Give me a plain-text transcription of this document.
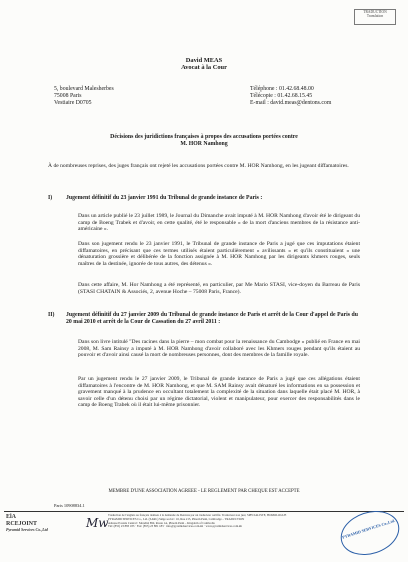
TRADUCTION
Translation
David MEAS
Avocat à la Cour
5, boulevard Malesherbes
75008 Paris
Vestiaire D0705
Téléphone : 01.42.68.48.00
Télécopie : 01.42.68.15.45
E-mail : david.meas@dentons.com
Décisions des juridictions françaises à propos des accusations portées contre
M. HOR Namhong

À de nombreuses reprises, des juges français ont rejeté les accusations portées contre M. HOR Namhong, en les jugeant diffamatoires.

I) Jugement définitif du 23 janvier 1991 du Tribunal de grande instance de Paris :

Dans un article publié le 23 juillet 1989, le Journal du Dimanche avait imputé à M. HOR Namhong d'avoir été le dirigeant du camp de Boeng Trabek et d'avoir, en cette qualité, été le responsable « de la mort d'anciens membres de la résistance anti-américaine ».

Dans son jugement rendu le 23 janvier 1991, le Tribunal de grande instance de Paris a jugé que ces imputations étaient diffamatoires, en précisant que ces termes utilisés étaient particulièrement « avilissants » et qu'ils constituaient « une dénaturation grossière et délibérée de la fonction assignée à M. HOR Namhong par les dirigeants khmers rouges, seuls maîtres de la destinée, ignorée de tous autres, des détenus ».

Dans cette affaire, M. Hor Namhong a été représenté, en particulier, par Me Mario STASI, vice-doyen du Barreau de Paris (STASI CHATAIN & Associés, 2, avenue Hoche – 75008 Paris, France).

II) Jugement définitif du 27 janvier 2009 du Tribunal de grande instance de Paris et arrêt de la Cour d'appel de Paris du 20 mai 2010 et arrêt de la Cour de Cassation du 27 avril 2011 :

Dans son livre intitulé "Des racines dans la pierre – mon combat pour la renaissance du Cambodge » publié en France en mai 2008, M. Sam Rainsy a imputé à M. HOR Namhong d'avoir collaboré avec les Khmers rouges pendant qu'ils étaient au pouvoir et d'avoir ainsi causé la mort de nombreuses personnes, dont des membres de la famille royale.

Par un jugement rendu le 27 janvier 2009, le Tribunal de grande instance de Paris a jugé que ces allégations étaient diffamatoires à l'encontre de M. HOR Namhong, et que M. SAM Rainsy avait dénaturé les informations en sa possession et gravement manqué à la prudence en occultant totalement la complexité de la situation dans laquelle était placé M. HOR, à savoir celle d'un détenu choisi par un régime dictatorial, violent et manipulateur, pour exercer des responsabilités dans le camp de Boeng Trabek où il était lui-même prisonnier.

MEMBRE D'UNE ASSOCIATION AGREEE - LE REGLEMENT PAR CHEQUE EST ACCEPTE
Paris 10908834.1
ElA
RCEJOINT
Pyramid Services Co.,Ltd	Mw
Traduction de l'anglais au français réalisée à la demande de Dentons par un traducteur certifié. Traducteur non juré, SPECIALISTE, HOMOLOGUE
PYRAMID SERVICES Co., Ltd. (SARL) Siège social : 16, Rue 215, Phnom Penh, Cambodge – TRADUCTION
Adresse Postale Central : Mondial Bld, Route 1A, Phnom Penh – Kingdom of Cambodia
Tél: (855) 23 883 183 · Fax: (855) 23 881 183 · info@pyramidservices.com.kh · www.pyramidservices.com.kh	PYRAMID SERVICES Co.,Ltd.
